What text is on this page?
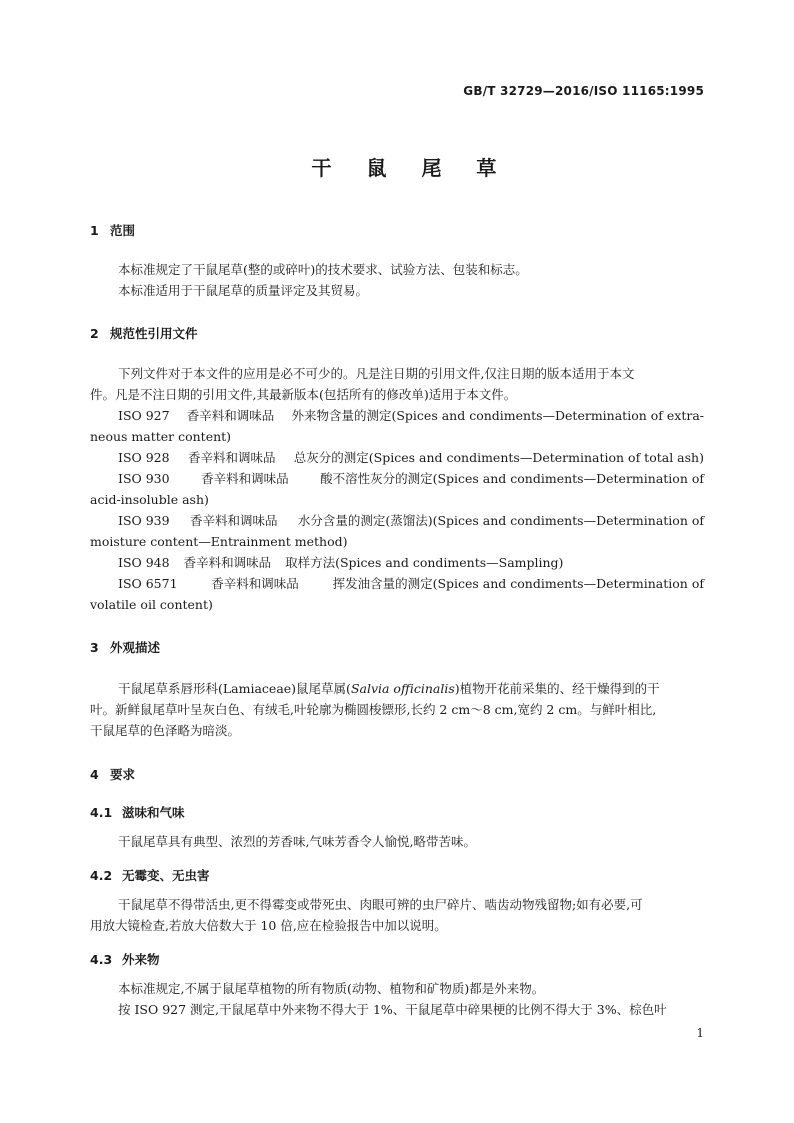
GB/T 32729—2016/ISO 11165:1995
干 鼠 尾 草
1 范围
本标准规定了干鼠尾草(整的或碎叶)的技术要求、试验方法、包装和标志。
本标准适用于干鼠尾草的质量评定及其贸易。
2 规范性引用文件
下列文件对于本文件的应用是必不可少的。凡是注日期的引用文件,仅注日期的版本适用于本文
件。凡是不注日期的引用文件,其最新版本(包括所有的修改单)适用于本文件。
ISO 927 香辛料和调味品 外来物含量的测定(Spices and condiments—Determination of extra-
neous matter content)
ISO 928 香辛料和调味品 总灰分的测定(Spices and condiments—Determination of total ash)
ISO 930	香辛料和调味品	酸不溶性灰分的测定(Spices and condiments—Determination of
acid-insoluble ash)
ISO 939 香辛料和调味品 水分含量的测定(蒸馏法)(Spices and condiments—Determination of
moisture content—Entrainment method)
ISO 948 香辛料和调味品 取样方法(Spices and condiments—Sampling)
ISO 6571	香辛料和调味品	挥发油含量的测定(Spices and condiments—Determination of
volatile oil content)
3 外观描述
干鼠尾草系唇形科(Lamiaceae)鼠尾草属(Salvia officinalis)植物开花前采集的、经干燥得到的干
叶。新鲜鼠尾草叶呈灰白色、有绒毛,叶轮廓为椭圆梭镖形,长约 2 cm～8 cm,宽约 2 cm。与鲜叶相比,
干鼠尾草的色泽略为暗淡。
4 要求
4.1 滋味和气味
干鼠尾草具有典型、浓烈的芳香味,气味芳香令人愉悦,略带苦味。
4.2 无霉变、无虫害
干鼠尾草不得带活虫,更不得霉变或带死虫、肉眼可辨的虫尸碎片、啮齿动物残留物;如有必要,可
用放大镜检查,若放大倍数大于 10 倍,应在检验报告中加以说明。
4.3 外来物
本标准规定,不属于鼠尾草植物的所有物质(动物、植物和矿物质)都是外来物。
按 ISO 927 测定,干鼠尾草中外来物不得大于 1%、干鼠尾草中碎果梗的比例不得大于 3%、棕色叶
1
